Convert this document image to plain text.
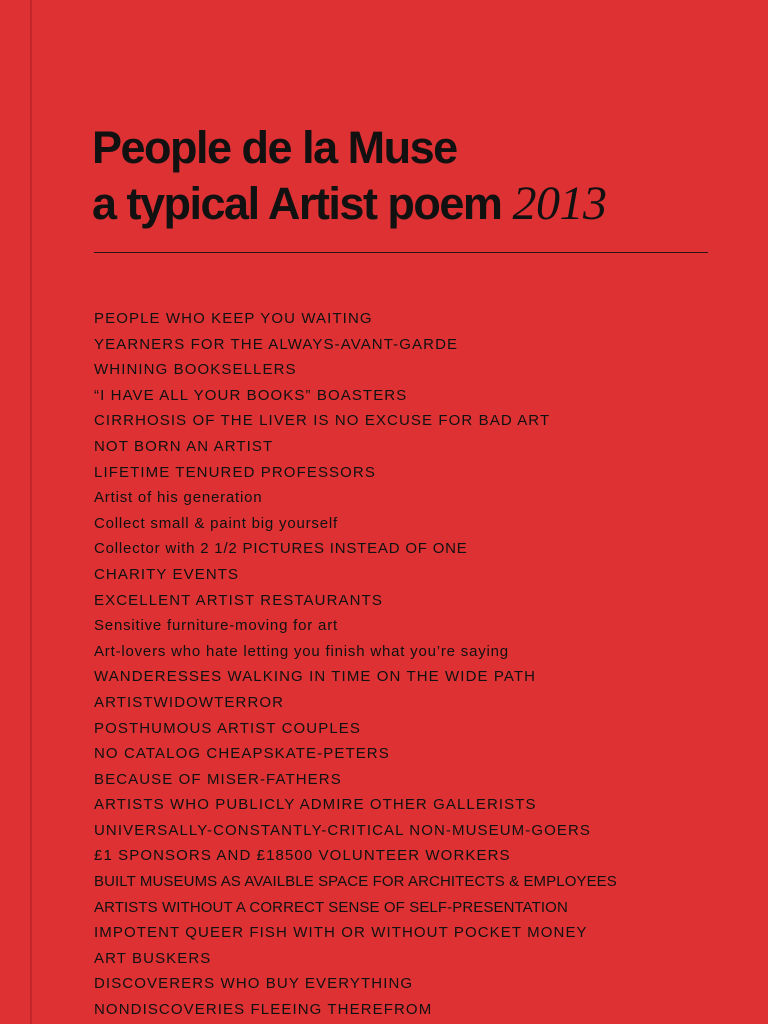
People de la Muse
a typical Artist poem 2013
PEOPLE WHO KEEP YOU WAITING
YEARNERS FOR THE ALWAYS-AVANT-GARDE
WHINING BOOKSELLERS
“I HAVE ALL YOUR BOOKS” BOASTERS
CIRRHOSIS OF THE LIVER IS NO EXCUSE FOR BAD ART
NOT BORN AN ARTIST
LIFETIME TENURED PROFESSORS
Artist of his generation
Collect small & paint big yourself
Collector with 2 1/2 PICTURES INSTEAD OF ONE
CHARITY EVENTS
EXCELLENT ARTIST RESTAURANTS
Sensitive furniture-moving for art
Art-lovers who hate letting you finish what you’re saying
WANDERESSES WALKING IN TIME ON THE WIDE PATH
ARTISTWIDOWTERROR
POSTHUMOUS ARTIST COUPLES
NO CATALOG CHEAPSKATE-PETERS
BECAUSE OF MISER-FATHERS
ARTISTS WHO PUBLICLY ADMIRE OTHER GALLERISTS
UNIVERSALLY-CONSTANTLY-CRITICAL NON-MUSEUM-GOERS
£1 SPONSORS AND £18500 VOLUNTEER WORKERS
BUILT MUSEUMS AS AVAILBLE SPACE FOR ARCHITECTS & EMPLOYEES
ARTISTS WITHOUT A CORRECT SENSE OF SELF-PRESENTATION
IMPOTENT QUEER FISH WITH OR WITHOUT POCKET MONEY
ART BUSKERS
DISCOVERERS WHO BUY EVERYTHING
NONDISCOVERIES FLEEING THEREFROM
